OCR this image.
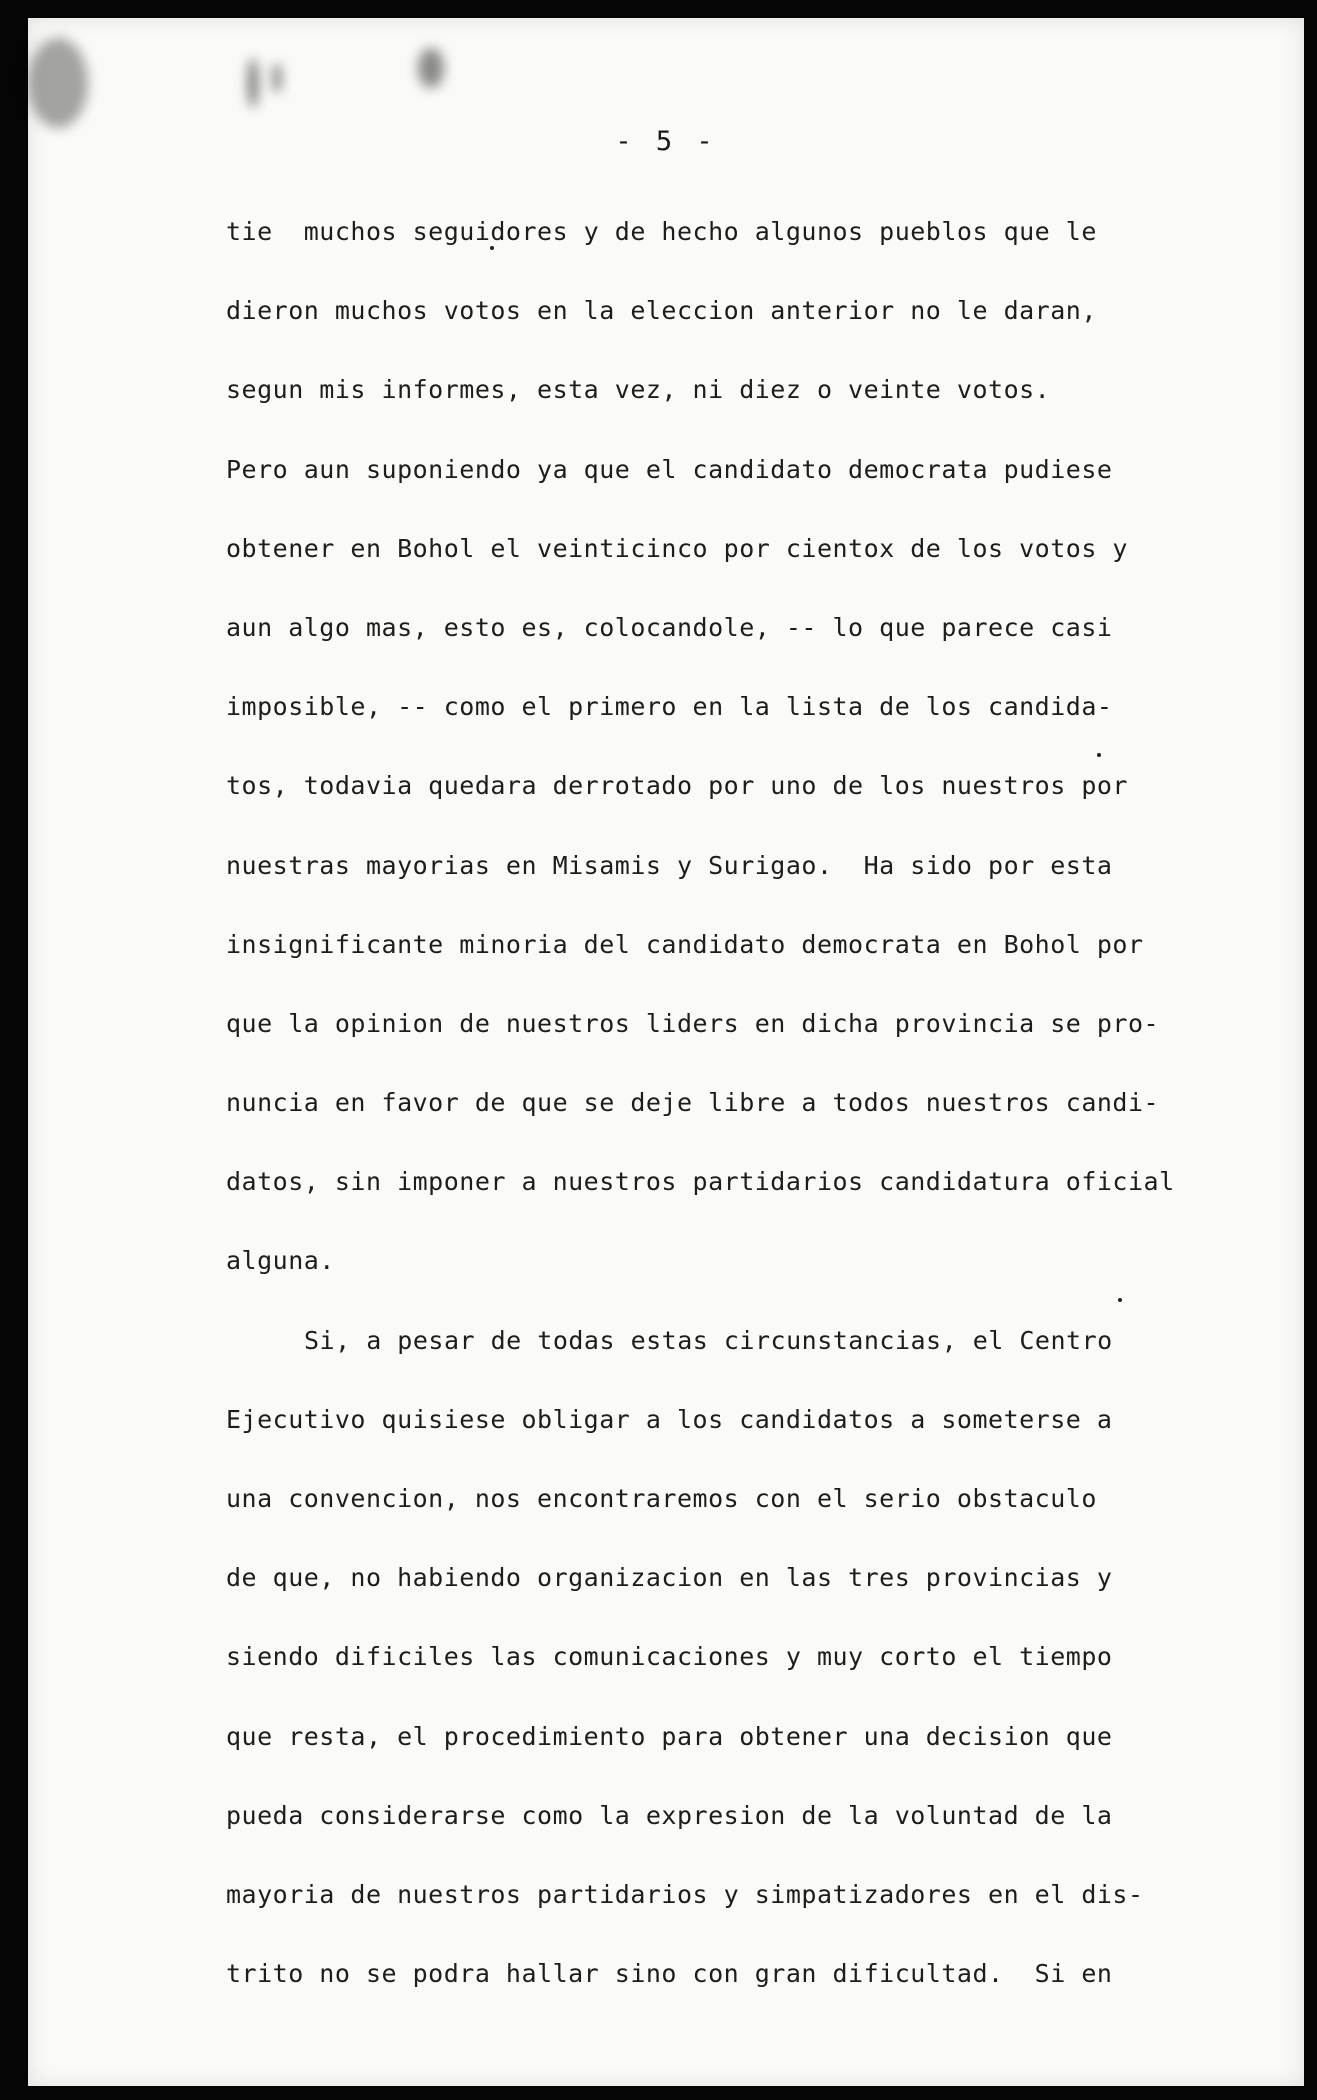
- 5 -
tie  muchos seguidores y de hecho algunos pueblos que le
dieron muchos votos en la eleccion anterior no le daran,
segun mis informes, esta vez, ni diez o veinte votos.
Pero aun suponiendo ya que el candidato democrata pudiese
obtener en Bohol el veinticinco por cientox de los votos y
aun algo mas, esto es, colocandole, -- lo que parece casi
imposible, -- como el primero en la lista de los candida-
tos, todavia quedara derrotado por uno de los nuestros por
nuestras mayorias en Misamis y Surigao.  Ha sido por esta
insignificante minoria del candidato democrata en Bohol por
que la opinion de nuestros liders en dicha provincia se pro-
nuncia en favor de que se deje libre a todos nuestros candi-
datos, sin imponer a nuestros partidarios candidatura oficial
alguna.
Si, a pesar de todas estas circunstancias, el Centro
Ejecutivo quisiese obligar a los candidatos a someterse a
una convencion, nos encontraremos con el serio obstaculo
de que, no habiendo organizacion en las tres provincias y
siendo dificiles las comunicaciones y muy corto el tiempo
que resta, el procedimiento para obtener una decision que
pueda considerarse como la expresion de la voluntad de la
mayoria de nuestros partidarios y simpatizadores en el dis-
trito no se podra hallar sino con gran dificultad.  Si en
